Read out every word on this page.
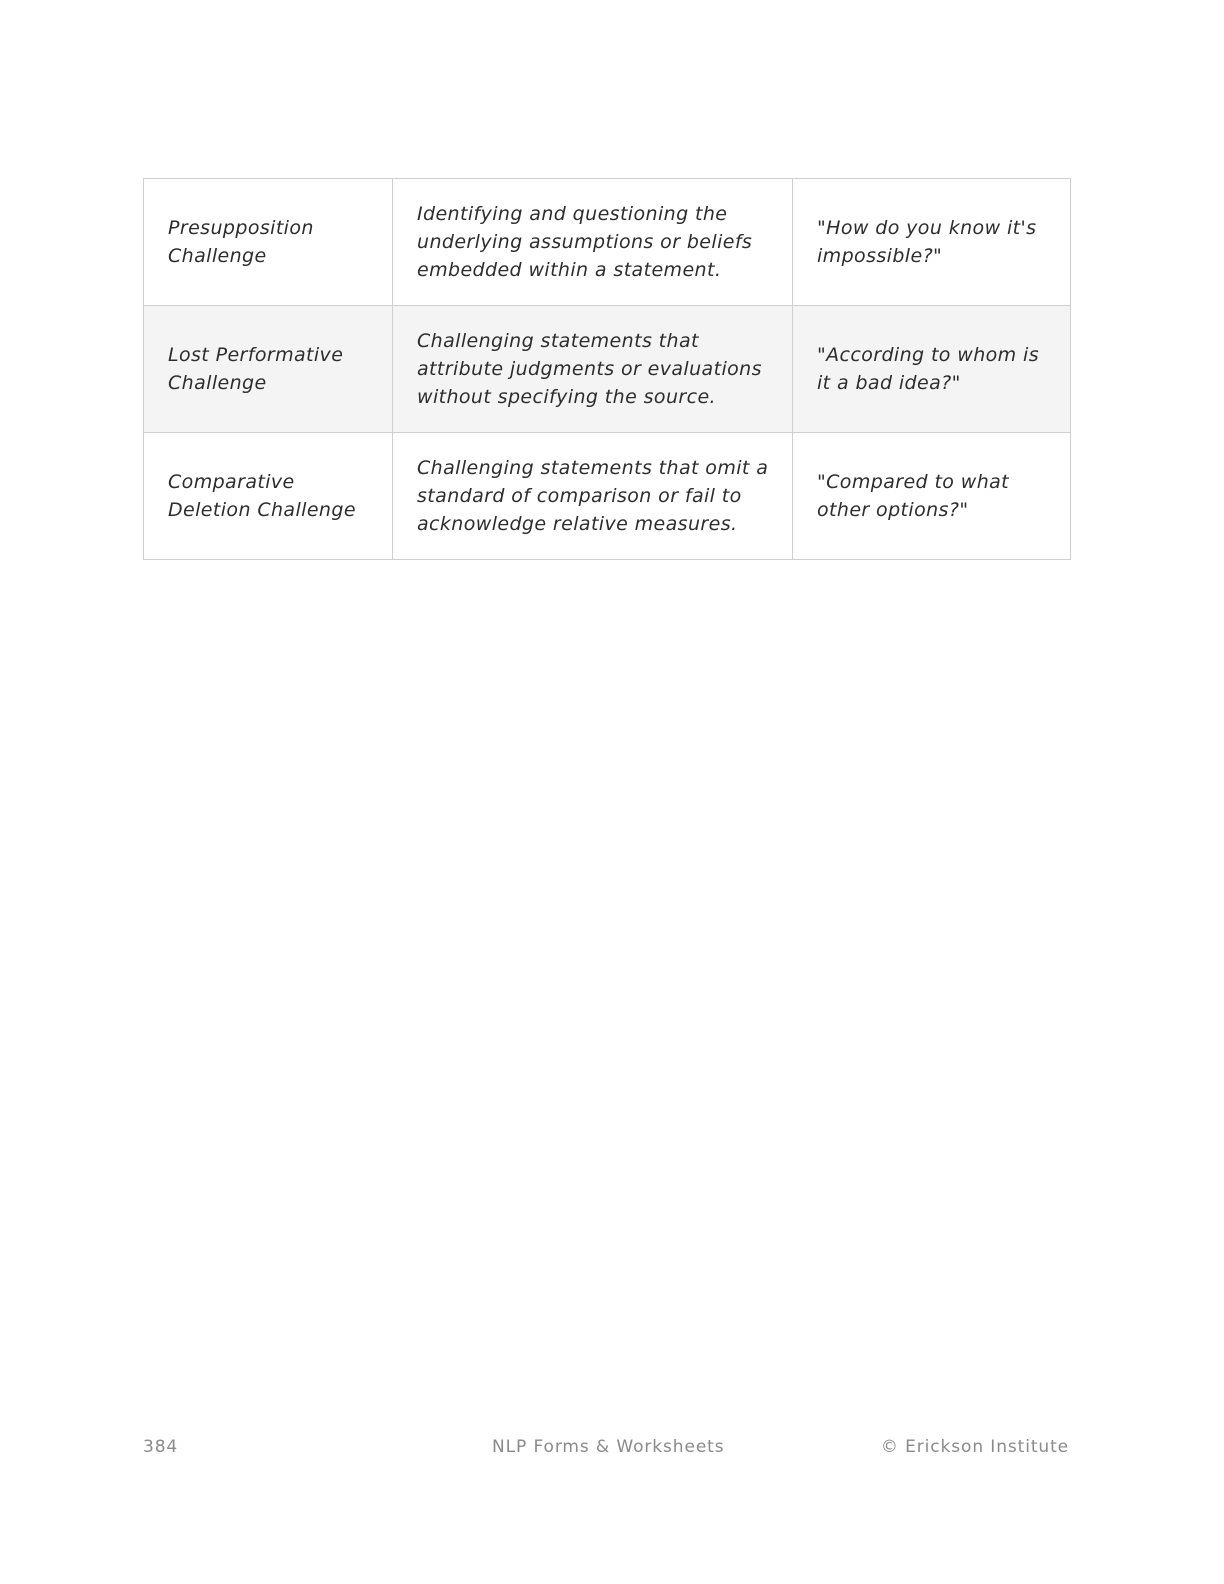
Presupposition Challenge	Identifying and questioning the underlying assumptions or beliefs embedded within a statement.	"How do you know it's impossible?"
Lost Performative Challenge	Challenging statements that attribute judgments or evaluations without specifying the source.	"According to whom is it a bad idea?"
Comparative Deletion Challenge	Challenging statements that omit a standard of comparison or fail to acknowledge relative measures.	"Compared to what other options?"
384	NLP Forms & Worksheets	© Erickson Institute
